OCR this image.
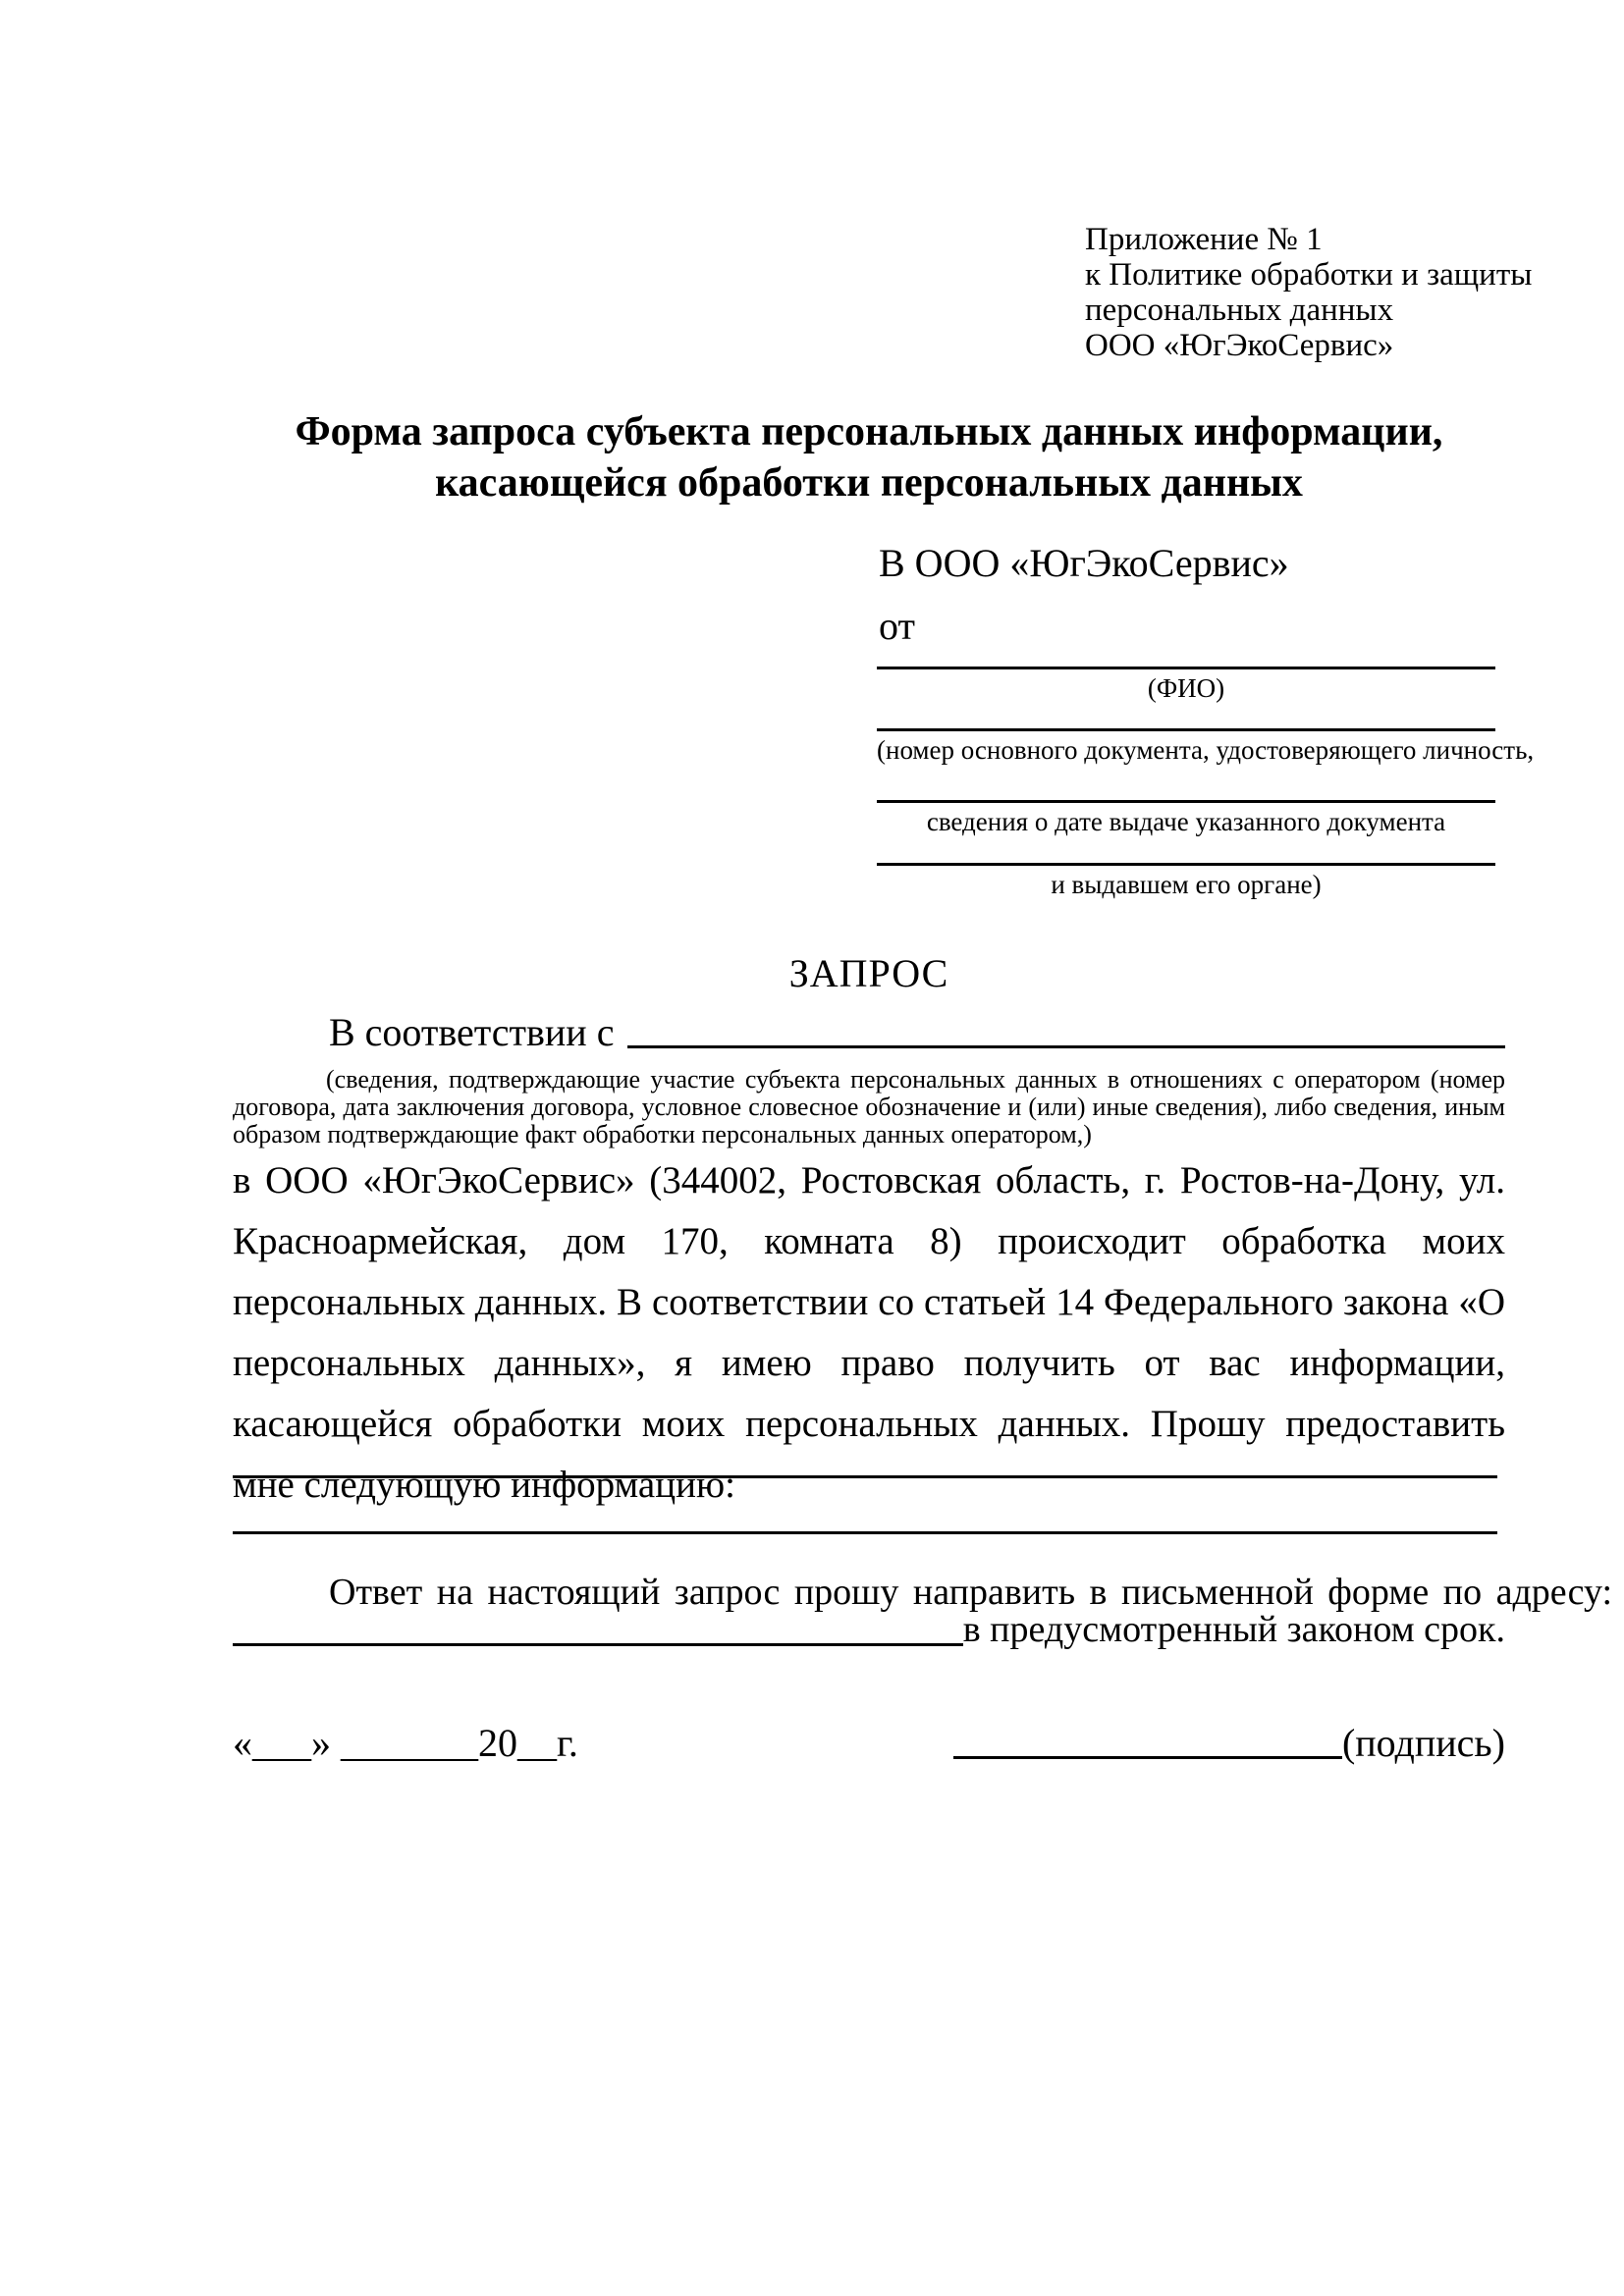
Приложение № 1
к Политике обработки и защиты
персональных данных
ООО «ЮгЭкоСервис»
Форма запроса субъекта персональных данных информации, касающейся обработки персональных данных
В ООО «ЮгЭкоСервис»
от
(ФИО)
(номер основного документа, удостоверяющего личность,
сведения о дате выдаче указанного документа
и выдавшем его органе)
ЗАПРОС
В соответствии с
(сведения, подтверждающие участие субъекта персональных данных в отношениях с оператором (номер договора, дата заключения договора, условное словесное обозначение и (или) иные сведения), либо сведения, иным образом подтверждающие факт обработки персональных данных оператором,)
в ООО «ЮгЭкоСервис» (344002, Ростовская область, г. Ростов-на-Дону, ул. Красноармейская, дом 170, комната 8) происходит обработка моих персональных данных. В соответствии со статьей 14 Федерального закона «О персональных данных», я имею право получить от вас информации, касающейся обработки моих персональных данных. Прошу предоставить мне следующую информацию:
Ответ на настоящий запрос прошу направить в письменной форме по адресу:
в предусмотренный законом срок.
«___» _______20__г.	(подпись)
